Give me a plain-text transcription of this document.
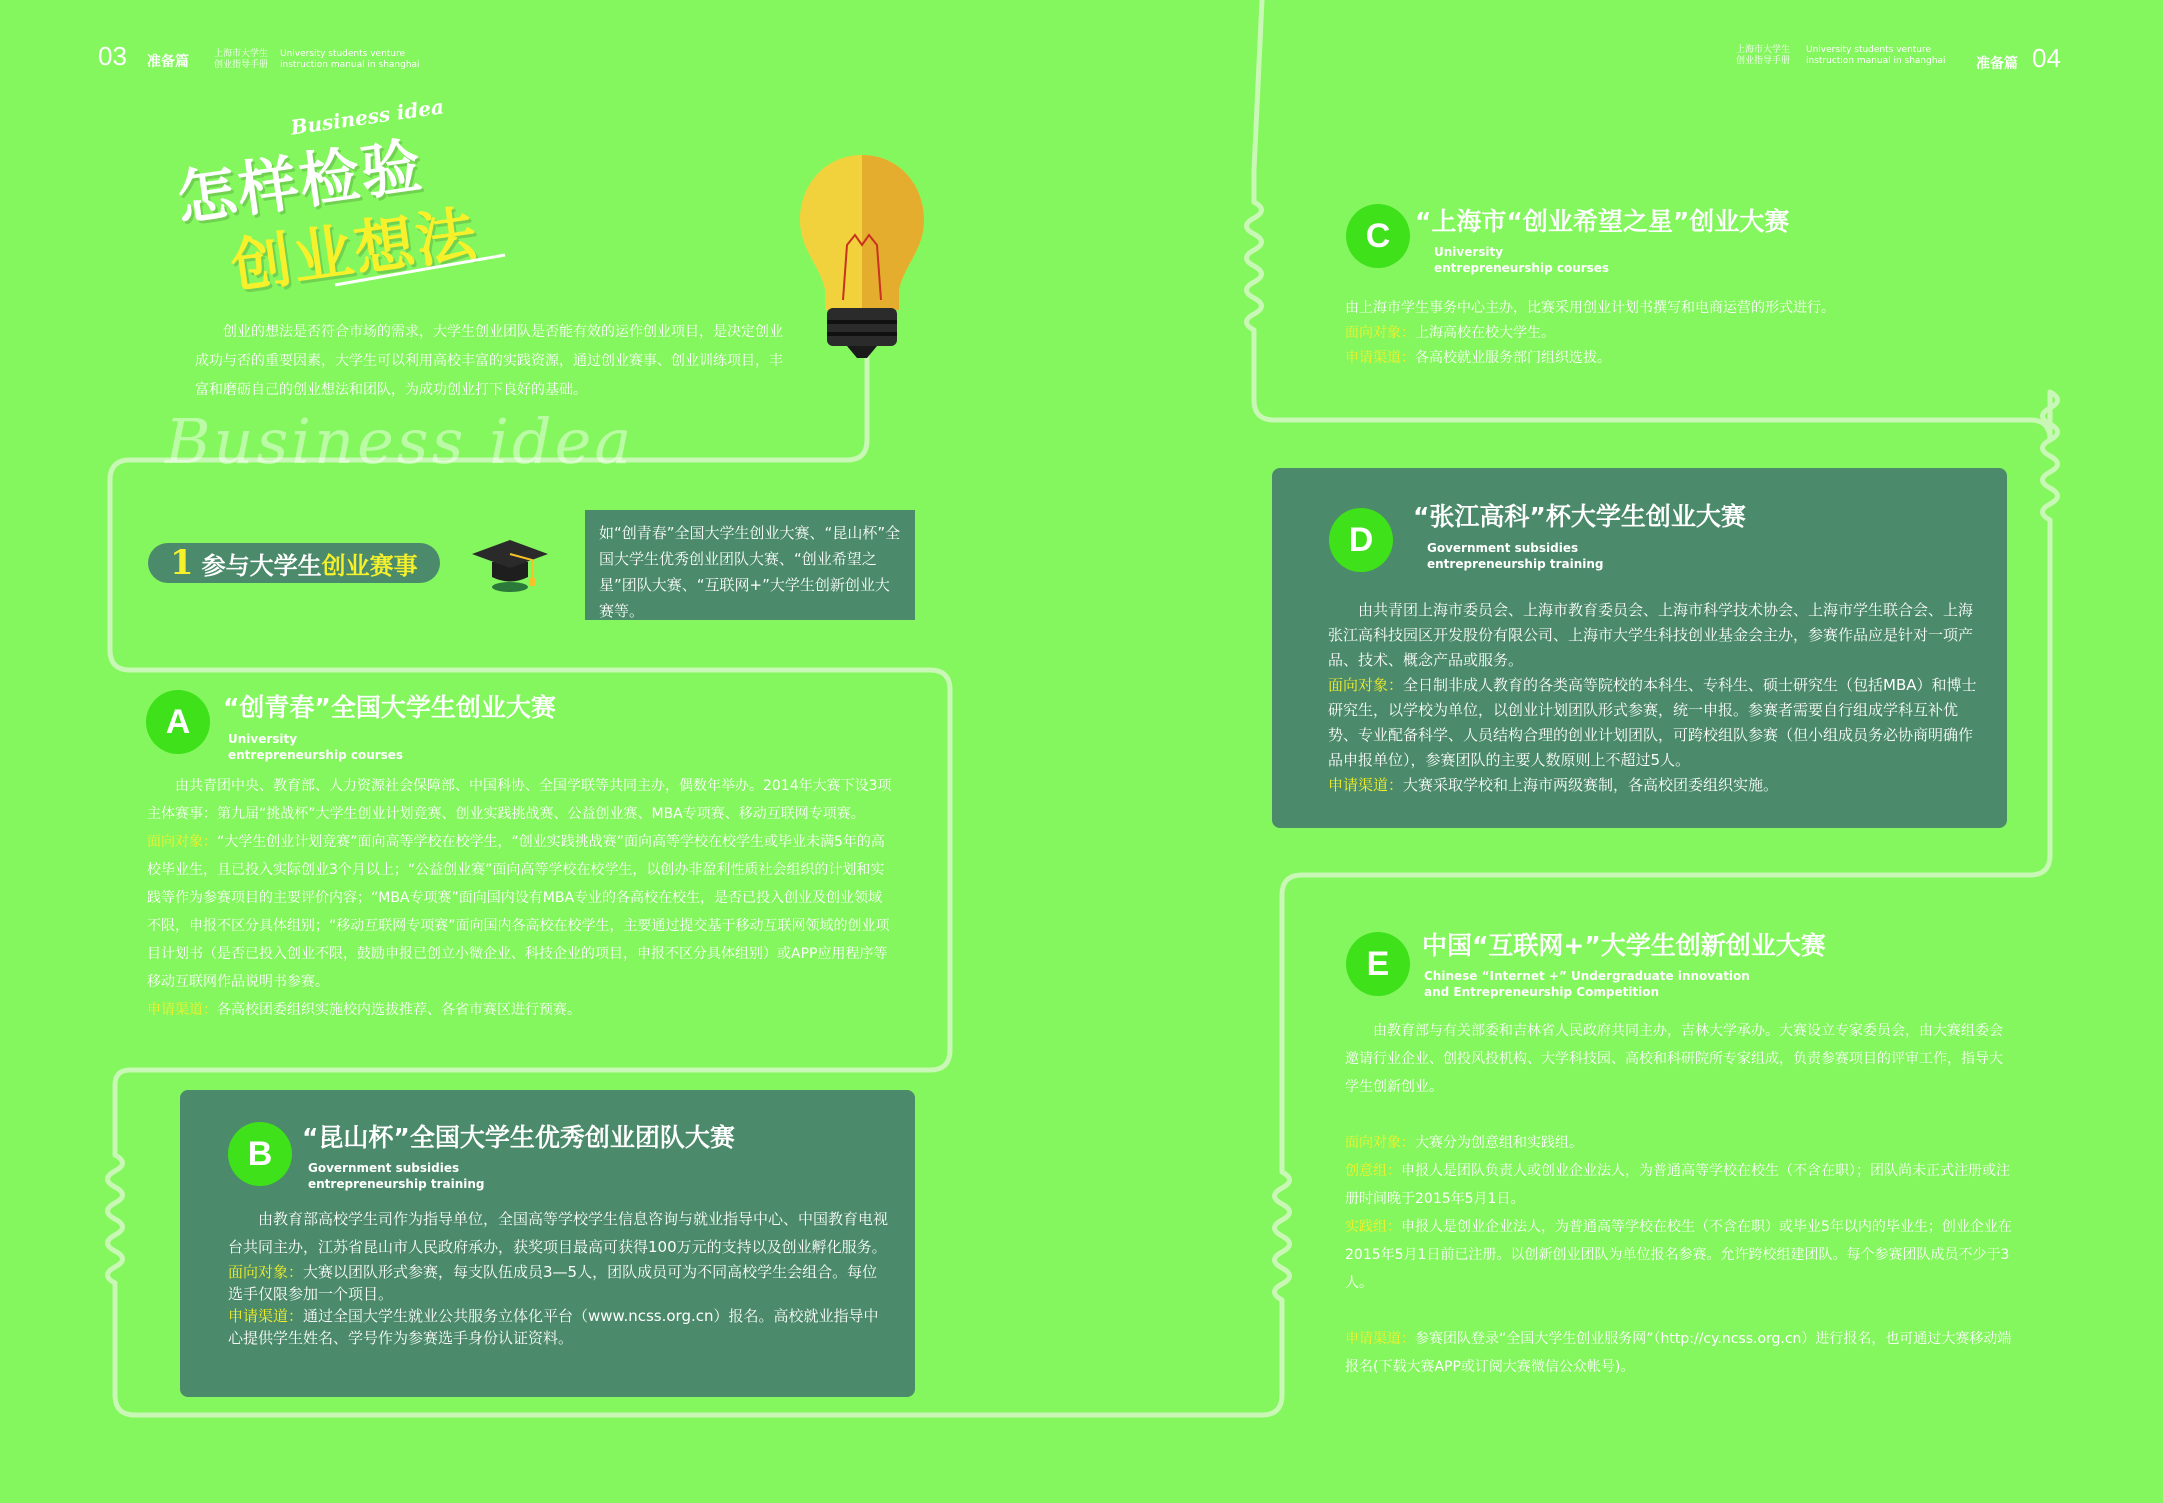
03 准备篇	上海市大学生
创业指导手册
University students venture
instruction manual in shanghai
上海市大学生
创业指导手册
University students venture
instruction manual in shanghai 准备篇 04
Business idea
怎样检验
创业想法
创业的想法是否符合市场的需求，大学生创业团队是否能有效的运作创业项目，是决定创业成功与否的重要因素，大学生可以利用高校丰富的实践资源，通过创业赛事、创业训练项目，丰富和磨砺自己的创业想法和团队，为成功创业打下良好的基础。
Business idea
1 参与大学生 创业赛事
如“创青春”全国大学生创业大赛、“昆山杯”全国大学生优秀创业团队大赛、“创业希望之星”团队大赛、“互联网+”大学生创新创业大赛等。
A	“创青春”全国大学生创业大赛
University
entrepreneurship courses

由共青团中央、教育部、人力资源社会保障部、中国科协、全国学联等共同主办，偶数年举办。2014年大赛下设3项主体赛事：第九届“挑战杯”大学生创业计划竞赛、创业实践挑战赛、公益创业赛、MBA专项赛、移动互联网专项赛。

面向对象：“大学生创业计划竞赛”面向高等学校在校学生，“创业实践挑战赛”面向高等学校在校学生或毕业未满5年的高校毕业生，且已投入实际创业3个月以上；“公益创业赛”面向高等学校在校学生，以创办非盈利性质社会组织的计划和实践等作为参赛项目的主要评价内容；“MBA专项赛”面向国内设有MBA专业的各高校在校生，是否已投入创业及创业领域不限，申报不区分具体组别；“移动互联网专项赛”面向国内各高校在校学生，主要通过提交基于移动互联网领域的创业项目计划书（是否已投入创业不限，鼓励申报已创立小微企业、科技企业的项目，申报不区分具体组别）或APP应用程序等移动互联网作品说明书参赛。

申请渠道：各高校团委组织实施校内选拔推荐、各省市赛区进行预赛。

B	“昆山杯”全国大学生优秀创业团队大赛
Government subsidies
entrepreneurship training

由教育部高校学生司作为指导单位，全国高等学校学生信息咨询与就业指导中心、中国教育电视台共同主办，江苏省昆山市人民政府承办，获奖项目最高可获得100万元的支持以及创业孵化服务。

面向对象：大赛以团队形式参赛，每支队伍成员3—5人，团队成员可为不同高校学生会组合。每位选手仅限参加一个项目。

申请渠道：通过全国大学生就业公共服务立体化平台（www.ncss.org.cn）报名。高校就业指导中心提供学生姓名、学号作为参赛选手身份认证资料。

C “上海市“创业希望之星”创业大赛
University
entrepreneurship courses

由上海市学生事务中心主办，比赛采用创业计划书撰写和电商运营的形式进行。

面向对象：上海高校在校大学生。

申请渠道：各高校就业服务部门组织选拔。

D
“张江高科”杯大学生创业大赛
Government subsidies
entrepreneurship training

由共青团上海市委员会、上海市教育委员会、上海市科学技术协会、上海市学生联合会、上海张江高科技园区开发股份有限公司、上海市大学生科技创业基金会主办，参赛作品应是针对一项产品、技术、概念产品或服务。

面向对象：全日制非成人教育的各类高等院校的本科生、专科生、硕士研究生（包括MBA）和博士研究生，以学校为单位，以创业计划团队形式参赛，统一申报。参赛者需要自行组成学科互补优势、专业配备科学、人员结构合理的创业计划团队，可跨校组队参赛（但小组成员务必协商明确作品申报单位），参赛团队的主要人数原则上不超过5人。

申请渠道：大赛采取学校和上海市两级赛制，各高校团委组织实施。

E	中国“互联网+”大学生创新创业大赛
Chinese “Internet +” Undergraduate innovation
and Entrepreneurship Competition

由教育部与有关部委和吉林省人民政府共同主办，吉林大学承办。大赛设立专家委员会，由大赛组委会邀请行业企业、创投风投机构、大学科技园、高校和科研院所专家组成，负责参赛项目的评审工作，指导大学生创新创业。

面向对象：大赛分为创意组和实践组。

创意组：申报人是团队负责人或创业企业法人，为普通高等学校在校生（不含在职）；团队尚未正式注册或注册时间晚于2015年5月1日。

实践组：申报人是创业企业法人，为普通高等学校在校生（不含在职）或毕业5年以内的毕业生；创业企业在2015年5月1日前已注册。以创新创业团队为单位报名参赛。允许跨校组建团队。每个参赛团队成员不少于3人。

申请渠道：参赛团队登录“全国大学生创业服务网”（http://cy.ncss.org.cn）进行报名，也可通过大赛移动端报名(下载大赛APP或订阅大赛微信公众帐号)。
